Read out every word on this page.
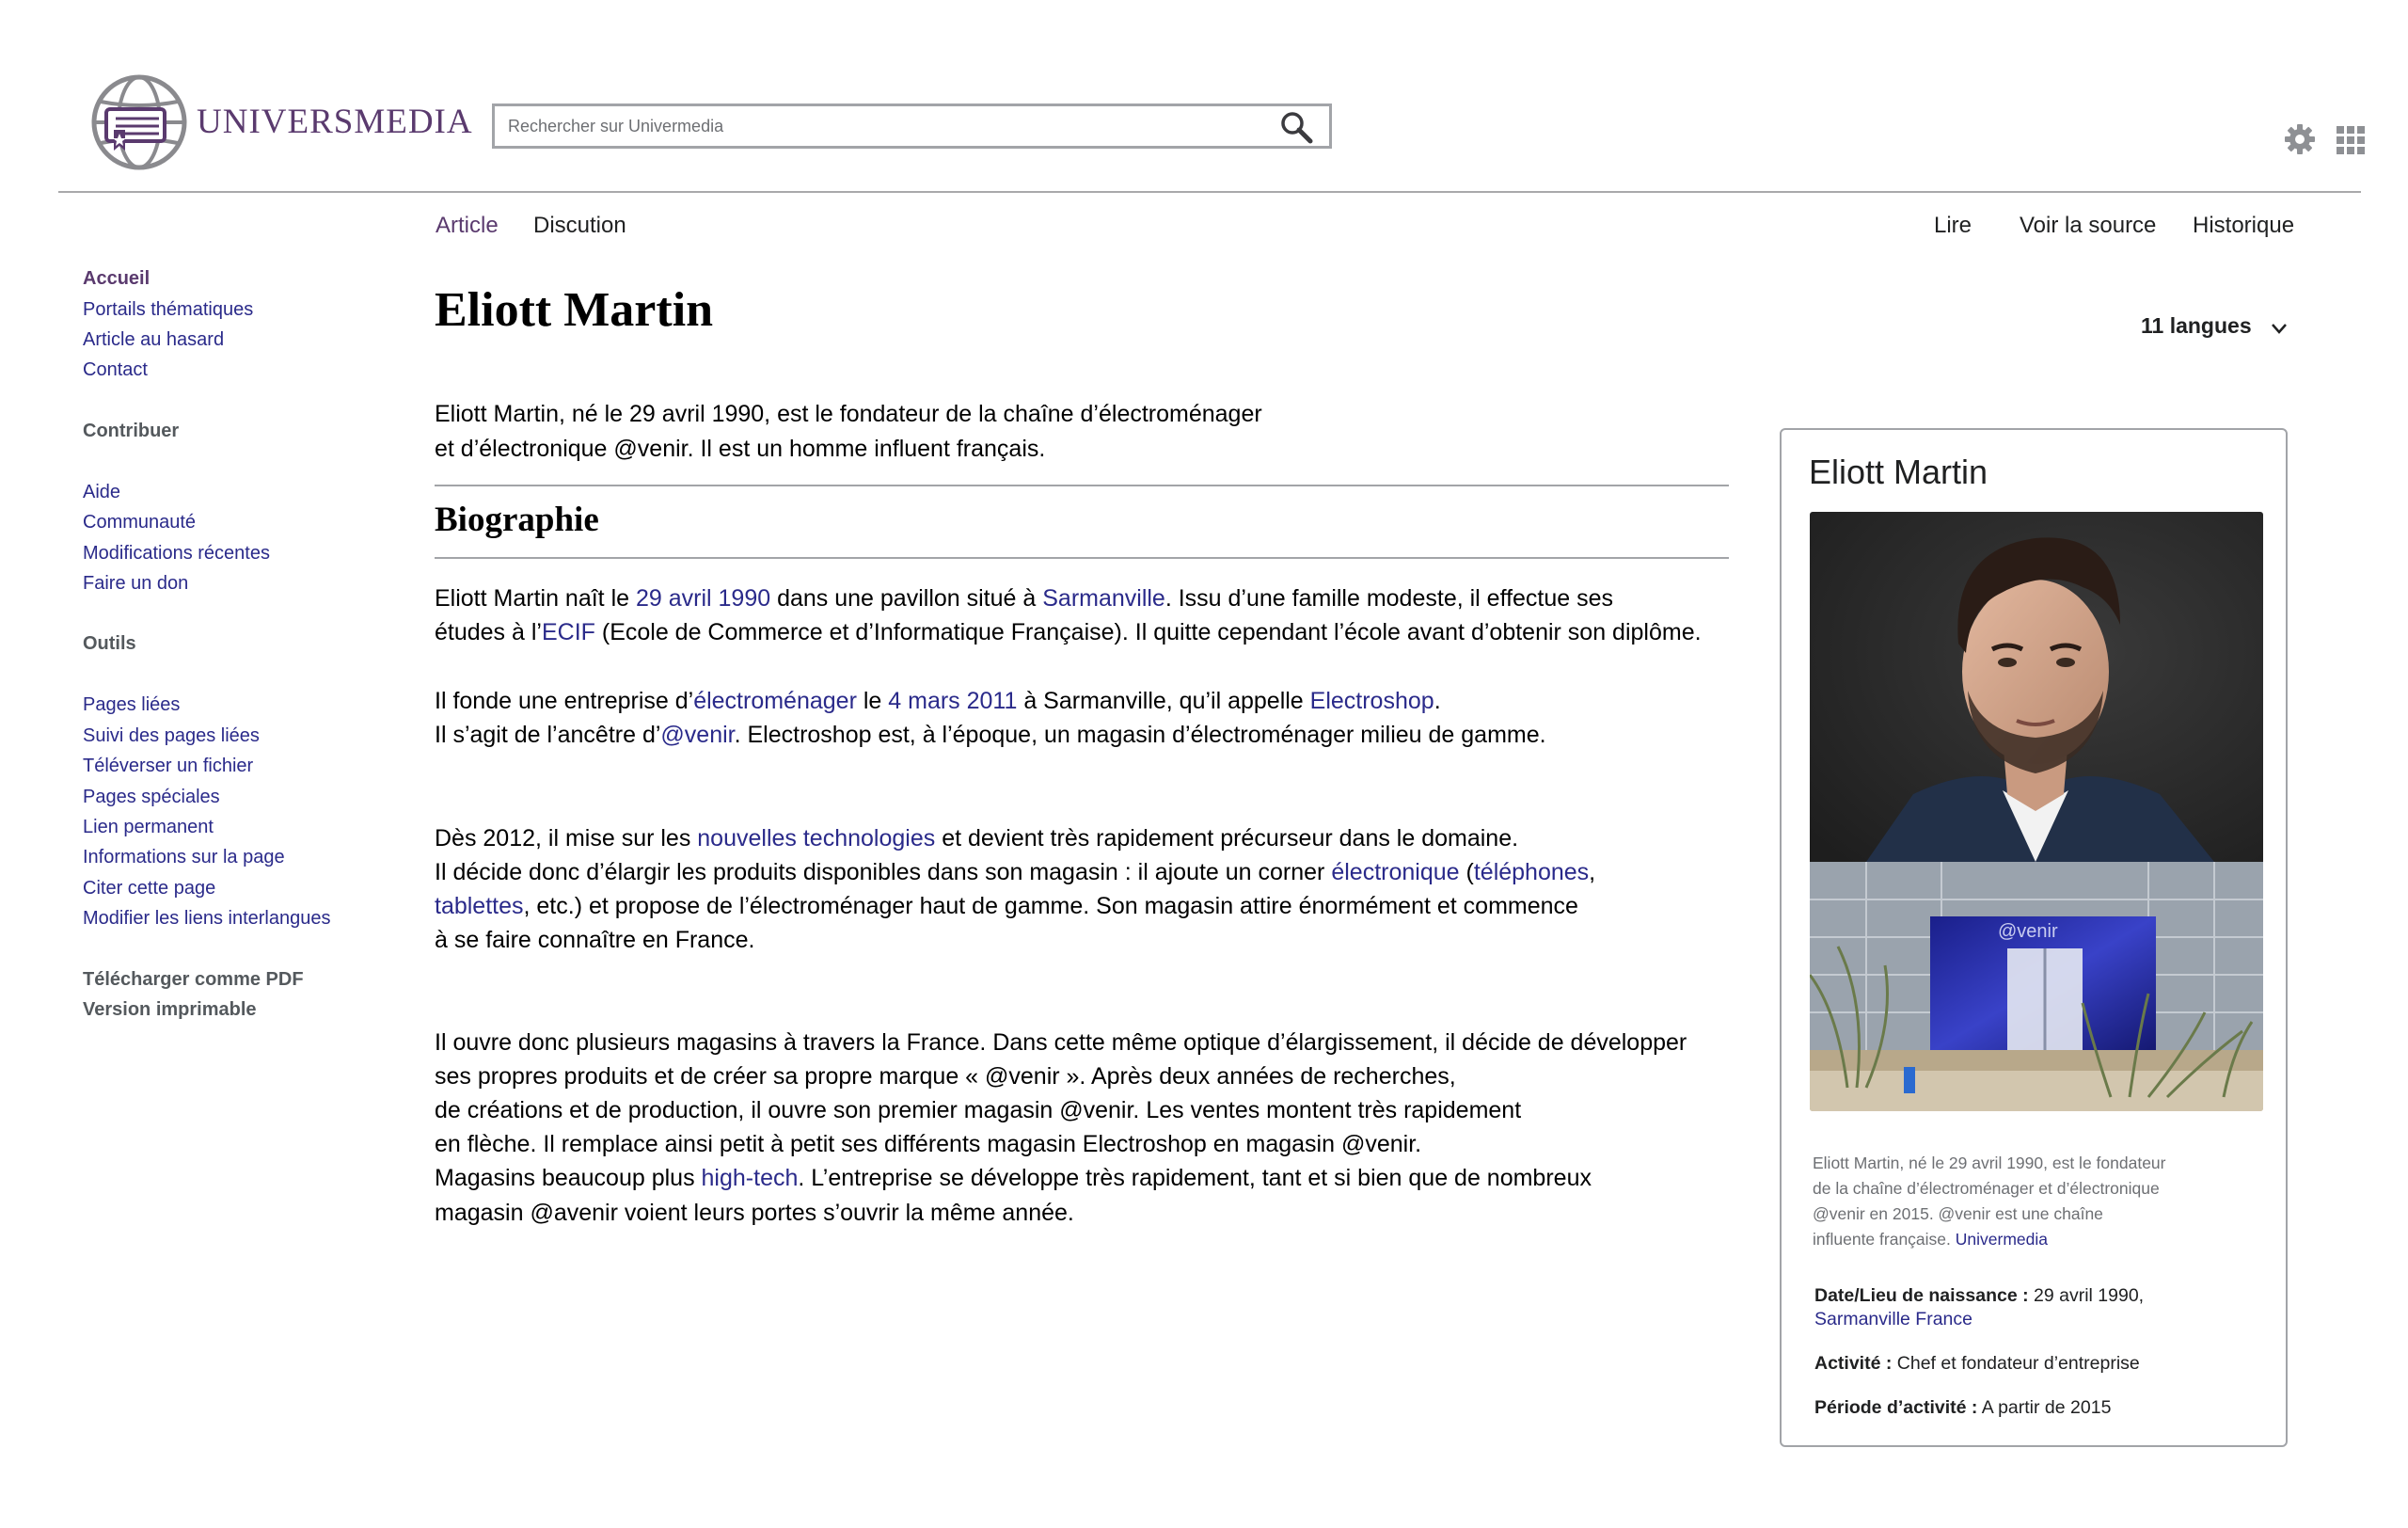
UNIVERSMEDIA
Rechercher sur Univermedia
Article Discution	Lire Voir la source Historique
Accueil
Portails thématiques
Article au hasard
Contact
Contribuer
Aide
Communauté
Modifications récentes
Faire un don
Outils
Pages liées
Suivi des pages liées
Téléverser un fichier
Pages spéciales
Lien permanent
Informations sur la page
Citer cette page
Modifier les liens interlangues
Télécharger comme PDF
Version imprimable
Eliott Martin	11 langues
Eliott Martin, né le 29 avril 1990, est le fondateur de la chaîne d’électroménager
et d’électronique @venir. Il est un homme influent français.
Biographie
Eliott Martin naît le 29 avril 1990 dans une pavillon situé à Sarmanville. Issu d’une famille modeste, il effectue ses
études à l’ECIF (Ecole de Commerce et d’Informatique Française). Il quitte cependant l’école avant d’obtenir son diplôme.
Il fonde une entreprise d’électroménager le 4 mars 2011 à Sarmanville, qu’il appelle Electroshop.
Il s’agit de l’ancêtre d’@venir. Electroshop est, à l’époque, un magasin d’électroménager milieu de gamme.
Dès 2012, il mise sur les nouvelles technologies et devient très rapidement précurseur dans le domaine.
Il décide donc d’élargir les produits disponibles dans son magasin : il ajoute un corner électronique (téléphones,
tablettes, etc.) et propose de l’électroménager haut de gamme. Son magasin attire énormément et commence
à se faire connaître en France.
Il ouvre donc plusieurs magasins à travers la France. Dans cette même optique d’élargissement, il décide de développer
ses propres produits et de créer sa propre marque « @venir ». Après deux années de recherches,
de créations et de production, il ouvre son premier magasin @venir. Les ventes montent très rapidement
en flèche. Il remplace ainsi petit à petit ses différents magasin Electroshop en magasin @venir.
Magasins beaucoup plus high-tech. L’entreprise se développe très rapidement, tant et si bien que de nombreux
magasin @avenir voient leurs portes s’ouvrir la même année.
Eliott Martin
@venir
Eliott Martin, né le 29 avril 1990, est le fondateur
de la chaîne d’électroménager et d’électronique
@venir en 2015. @venir est une chaîne
influente française. Univermedia
Date/Lieu de naissance : 29 avril 1990,
Sarmanville France
Activité : Chef et fondateur d’entreprise
Période d’activité : A partir de 2015
